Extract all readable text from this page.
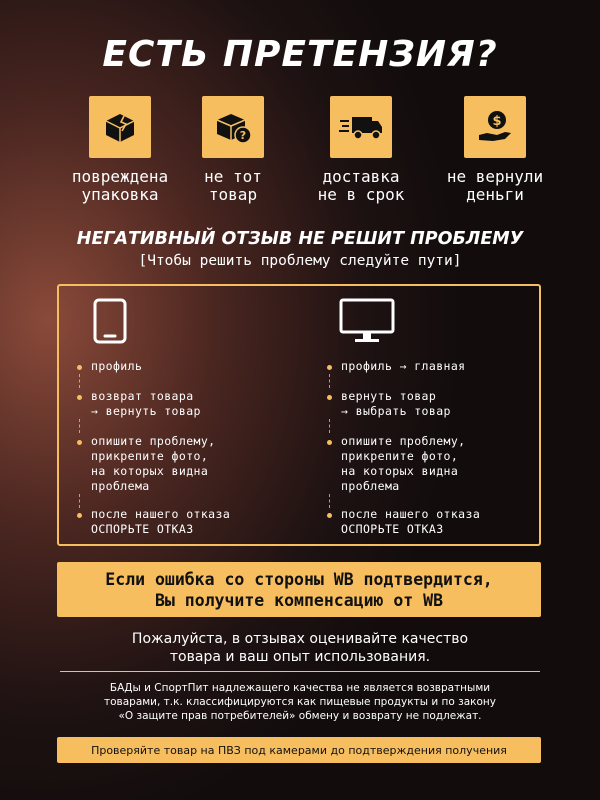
ЕСТЬ ПРЕТЕНЗИЯ?
повреждена
упаковка
?
не тот
товар
доставка
не в срок
$
не вернули
деньги
НЕГАТИВНЫЙ ОТЗЫВ НЕ РЕШИТ ПРОБЛЕМУ
[Чтобы решить проблему следуйте пути]
профиль
возврат товара
→ вернуть товар
опишите проблему,
прикрепите фото,
на которых видна
проблема
после нашего отказа
ОСПОРЬТЕ ОТКАЗ
профиль → главная
вернуть товар
→ выбрать товар
опишите проблему,
прикрепите фото,
на которых видна
проблема
после нашего отказа
ОСПОРЬТЕ ОТКАЗ
Если ошибка со стороны WB подтвердится,
Вы получите компенсацию от WB
Пожалуйста, в отзывах оценивайте качество
товара и ваш опыт использования.
БАДы и СпортПит надлежащего качества не является возвратными
товарами, т.к. классифицируются как пищевые продукты и по закону
«О защите прав потребителей» обмену и возврату не подлежат.
Проверяйте товар на ПВЗ под камерами до подтверждения получения
